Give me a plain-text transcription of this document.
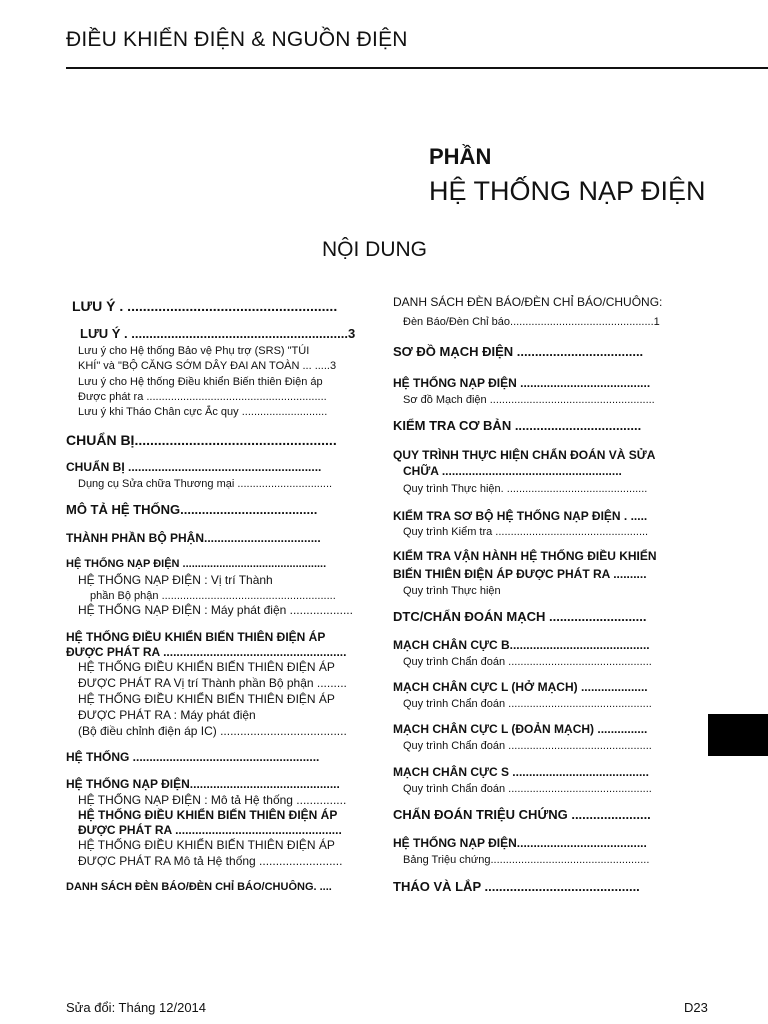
ĐIỀU KHIỂN ĐIỆN & NGUỒN ĐIỆN
PHẦN
HỆ THỐNG NẠP ĐIỆN
NỘI DUNG
LƯU Ý . ......................................................
LƯU Ý . ............................................................3
Lưu ý cho Hệ thống Bảo vệ Phụ trợ (SRS) "TÚI
KHÍ" và "BỘ CĂNG SỚM DÂY ĐAI AN TOÀN ... .....3
Lưu ý cho Hệ thống Điều khiển Biến thiên Điện áp
Được phát ra ...........................................................
Lưu ý khi Tháo Chân cực Ắc quy ............................
CHUẨN BỊ....................................................
CHUẨN BỊ ..........................................................
Dụng cụ Sửa chữa Thương mại ...............................
MÔ TẢ HỆ THỐNG......................................
THÀNH PHẦN BỘ PHẬN...................................
HỆ THỐNG NẠP ĐIỆN ...............................................
HỆ THỐNG NẠP ĐIỆN : Vị trí Thành
phần Bộ phận .........................................................
HỆ THỐNG NẠP ĐIỆN : Máy phát điện ...................
HỆ THỐNG ĐIỀU KHIỂN BIẾN THIÊN ĐIỆN ÁP
ĐƯỢC PHÁT RA .......................................................
HỆ THỐNG ĐIỀU KHIỂN BIẾN THIÊN ĐIỆN ÁP
ĐƯỢC PHÁT RA Vị trí Thành phần Bộ phận .........
HỆ THỐNG ĐIỀU KHIỂN BIẾN THIÊN ĐIỆN ÁP
ĐƯỢC PHÁT RA : Máy phát điện
(Bộ điều chỉnh điện áp IC) ......................................
HỆ THỐNG ........................................................
HỆ THỐNG NẠP ĐIỆN.............................................
HỆ THỐNG NẠP ĐIỆN : Mô tả Hệ thống ...............
HỆ THỐNG ĐIỀU KHIỂN BIẾN THIÊN ĐIỆN ÁP
ĐƯỢC PHÁT RA ..................................................
HỆ THỐNG ĐIỀU KHIỂN BIẾN THIÊN ĐIỆN ÁP
ĐƯỢC PHÁT RA Mô tả Hệ thống .........................
DANH SÁCH ĐÈN BÁO/ĐÈN CHỈ BÁO/CHUÔNG. ....
DANH SÁCH ĐÈN BÁO/ĐÈN CHỈ BÁO/CHUÔNG:
Đèn Báo/Đèn Chỉ báo...............................................1
SƠ ĐỒ MẠCH ĐIỆN ...................................
HỆ THỐNG NẠP ĐIỆN .......................................
Sơ đồ Mạch điện ......................................................
KIỂM TRA CƠ BẢN ...................................
QUY TRÌNH THỰC HIỆN CHẨN ĐOÁN VÀ SỬA
CHỮA ......................................................
Quy trình Thực hiện. ..............................................
KIỂM TRA SƠ BỘ HỆ THỐNG NẠP ĐIỆN . .....
Quy trình Kiểm tra ..................................................
KIỂM TRA VẬN HÀNH HỆ THỐNG ĐIỀU KHIỂN
BIẾN THIÊN ĐIỆN ÁP ĐƯỢC PHÁT RA ..........
Quy trình Thực hiện
DTC/CHẨN ĐOÁN MẠCH ...........................
MẠCH CHÂN CỰC B..........................................
Quy trình Chẩn đoán ...............................................
MẠCH CHÂN CỰC L (HỞ MẠCH) ....................
Quy trình Chẩn đoán ...............................................
MẠCH CHÂN CỰC L (ĐOẢN MẠCH) ...............
Quy trình Chẩn đoán ...............................................
MẠCH CHÂN CỰC S .........................................
Quy trình Chẩn đoán ...............................................
CHẨN ĐOÁN TRIỆU CHỨNG ......................
HỆ THỐNG NẠP ĐIỆN.......................................
Bảng Triệu chứng....................................................
THÁO VÀ LẮP ...........................................
Sửa đổi: Tháng 12/2014	D23
